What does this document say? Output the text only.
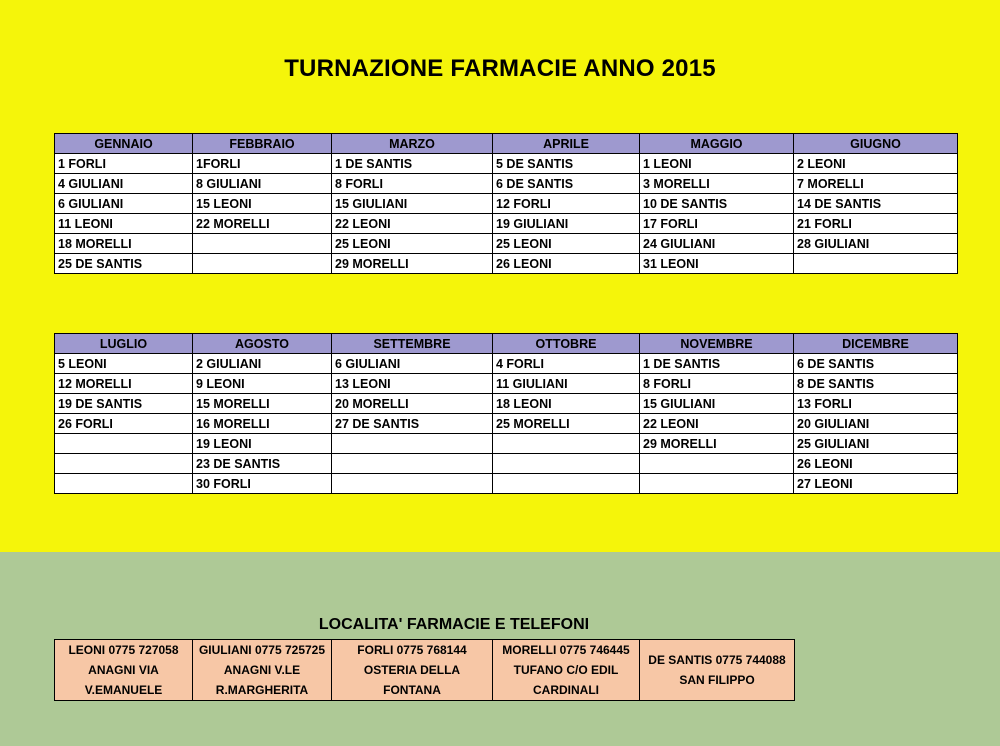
TURNAZIONE FARMACIE ANNO 2015
GENNAIO	FEBBRAIO	MARZO	APRILE	MAGGIO	GIUGNO
1 FORLI	1FORLI	1 DE SANTIS	5 DE SANTIS	1 LEONI	2 LEONI
4 GIULIANI	8 GIULIANI	8 FORLI	6 DE SANTIS	3 MORELLI	7 MORELLI
6 GIULIANI	15 LEONI	15 GIULIANI	12 FORLI	10 DE SANTIS	14 DE SANTIS
11 LEONI	22 MORELLI	22 LEONI	19 GIULIANI	17 FORLI	21 FORLI
18 MORELLI		25 LEONI	25 LEONI	24 GIULIANI	28 GIULIANI
25 DE SANTIS		29 MORELLI	26 LEONI	31 LEONI	
LUGLIO	AGOSTO	SETTEMBRE	OTTOBRE	NOVEMBRE	DICEMBRE
5 LEONI	2 GIULIANI	6 GIULIANI	4 FORLI	1 DE SANTIS	6 DE SANTIS
12 MORELLI	9 LEONI	13 LEONI	11 GIULIANI	8 FORLI	8 DE SANTIS
19 DE SANTIS	15 MORELLI	20 MORELLI	18 LEONI	15 GIULIANI	13 FORLI
26 FORLI	16 MORELLI	27 DE SANTIS	25 MORELLI	22 LEONI	20 GIULIANI
	19 LEONI			29 MORELLI	25 GIULIANI
	23 DE SANTIS				26 LEONI
	30 FORLI				27 LEONI
LOCALITA' FARMACIE E TELEFONI
LEONI 0775 727058
ANAGNI VIA
V.EMANUELE

GIULIANI 0775 725725
ANAGNI V.LE
R.MARGHERITA

FORLI 0775 768144
OSTERIA DELLA
FONTANA

MORELLI 0775 746445
TUFANO C/O EDIL
CARDINALI

DE SANTIS 0775 744088
SAN FILIPPO
